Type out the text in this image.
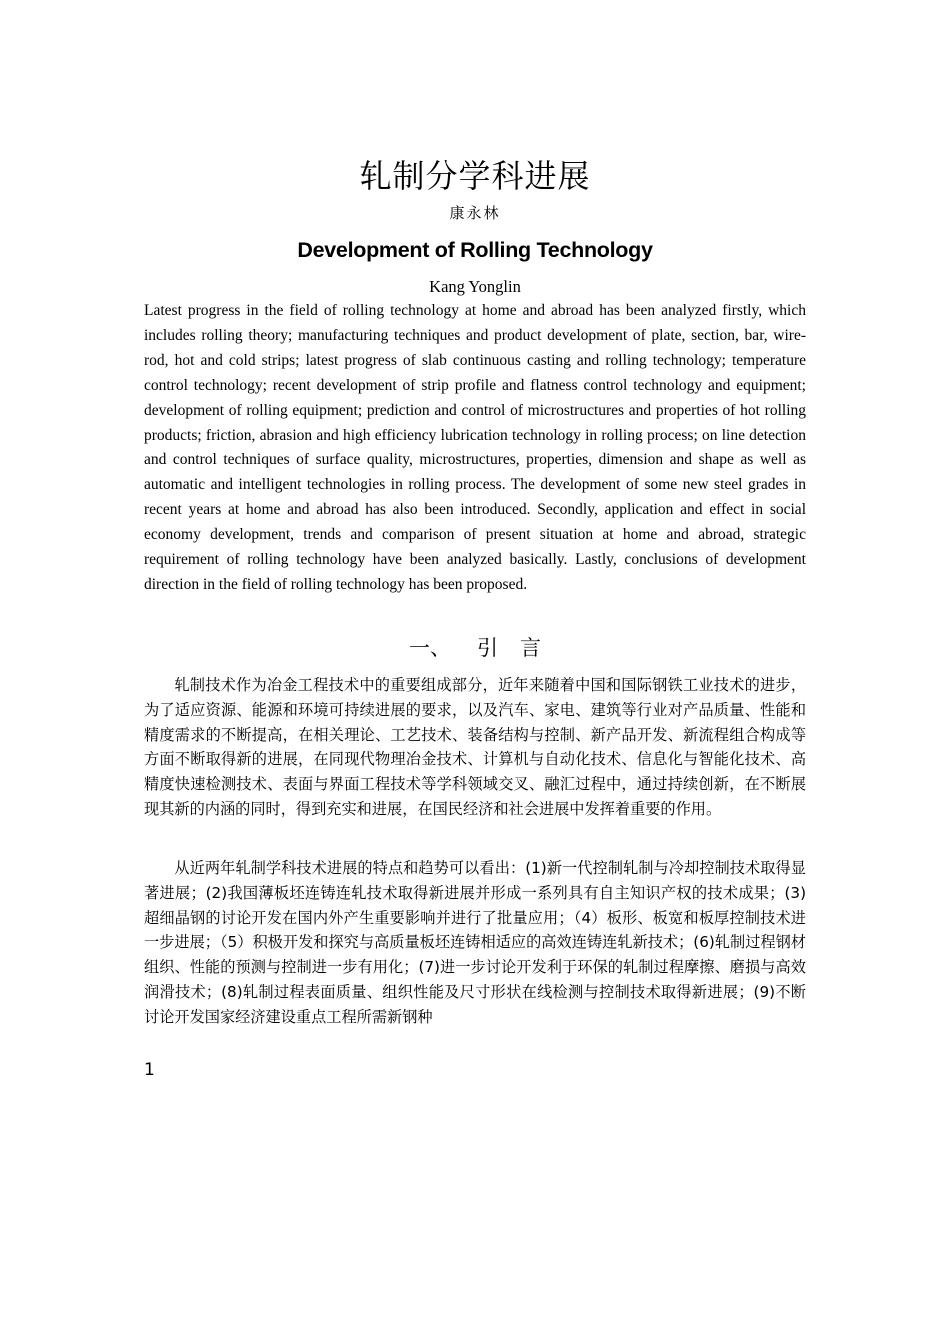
轧制分学科进展
康永林
Development of Rolling Technology
Kang Yonglin

Latest progress in the field of rolling technology at home and abroad has been analyzed firstly, which includes rolling theory; manufacturing techniques and product development of plate, section, bar, wire-rod, hot and cold strips; latest progress of slab continuous casting and rolling technology; temperature control technology; recent development of strip profile and flatness control technology and equipment; development of rolling equipment; prediction and control of microstructures and properties of hot rolling products; friction, abrasion and high efficiency lubrication technology in rolling process; on line detection and control techniques of surface quality, microstructures, properties, dimension and shape as well as automatic and intelligent technologies in rolling process. The development of some new steel grades in recent years at home and abroad has also been introduced. Secondly, application and effect in social economy development, trends and comparison of present situation at home and abroad, strategic requirement of rolling technology have been analyzed basically. Lastly, conclusions of development direction in the field of rolling technology has been proposed.

一、 引 言

轧制技术作为冶金工程技术中的重要组成部分，近年来随着中国和国际钢铁工业技术的进步，为了适应资源、能源和环境可持续进展的要求，以及汽车、家电、建筑等行业对产品质量、性能和精度需求的不断提高，在相关理论、工艺技术、装备结构与控制、新产品开发、新流程组合构成等方面不断取得新的进展，在同现代物理冶金技术、计算机与自动化技术、信息化与智能化技术、高精度快速检测技术、表面与界面工程技术等学科领域交叉、融汇过程中，通过持续创新，在不断展现其新的内涵的同时，得到充实和进展，在国民经济和社会进展中发挥着重要的作用。

从近两年轧制学科技术进展的特点和趋势可以看出：(1)新一代控制轧制与冷却控制技术取得显著进展；(2)我国薄板坯连铸连轧技术取得新进展并形成一系列具有自主知识产权的技术成果；(3)超细晶钢的讨论开发在国内外产生重要影响并进行了批量应用；（4）板形、板宽和板厚控制技术进一步进展；（5）积极开发和探究与高质量板坯连铸相适应的高效连铸连轧新技术；(6)轧制过程钢材组织、性能的预测与控制进一步有用化；(7)进一步讨论开发利于环保的轧制过程摩擦、磨损与高效润滑技术；(8)轧制过程表面质量、组织性能及尺寸形状在线检测与控制技术取得新进展；(9)不断讨论开发国家经济建设重点工程所需新钢种

1
